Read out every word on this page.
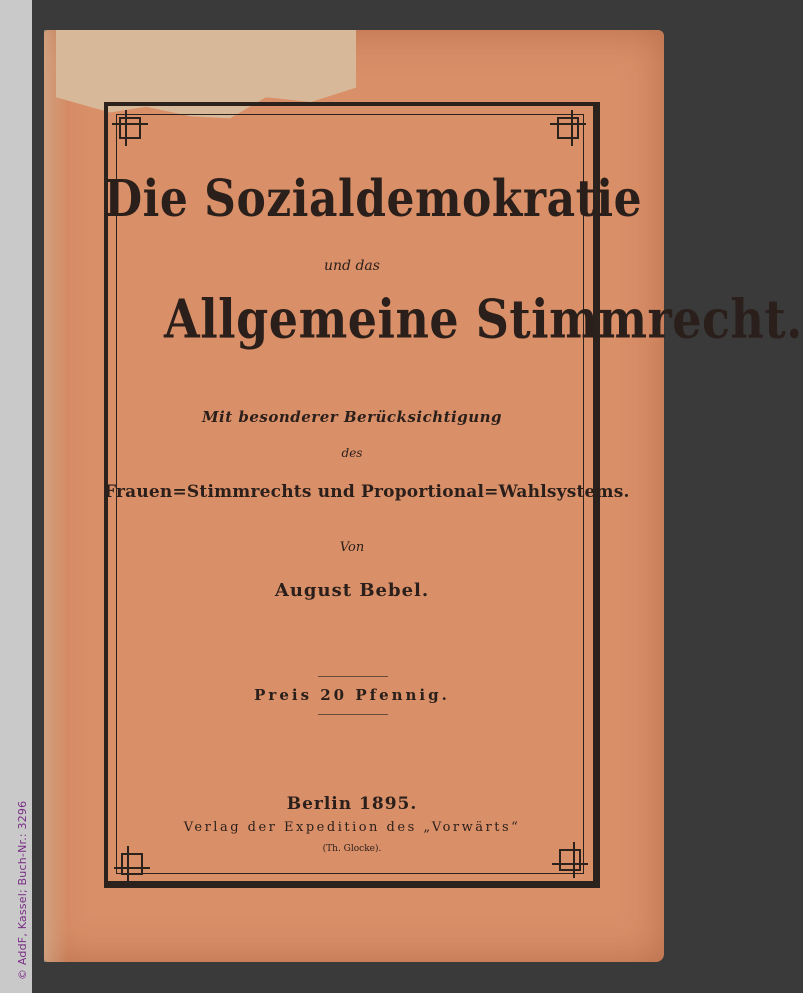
© AddF, Kassel; Buch-Nr.: 3296
Die Sozialdemokratie
und das
Allgemeine Stimmrecht.
Mit besonderer Berücksichtigung
des
Frauen=Stimmrechts und Proportional=Wahlsystems.
Von
August Bebel.
Preis 20 Pfennig.
Berlin 1895.
Verlag der Expedition des „Vorwärts“
(Th. Glocke).
